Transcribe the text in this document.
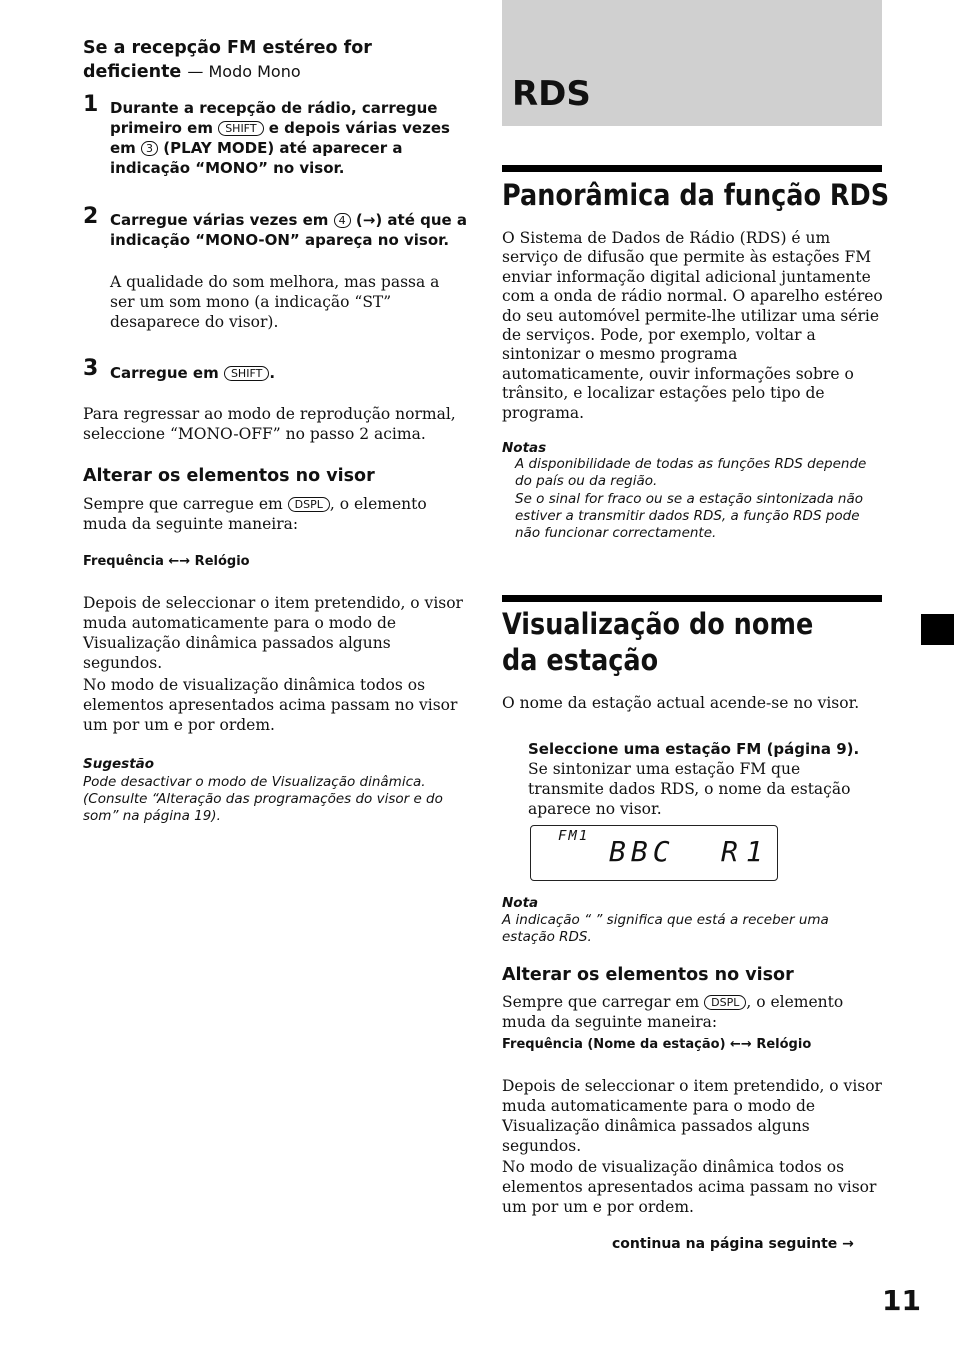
Se a recepção FM estéreo for deficiente — Modo Mono
1 Durante a recepção de rádio, carregue primeiro em SHIFT e depois várias vezes em 3 (PLAY MODE) até aparecer a indicação “MONO” no visor.
2 Carregue várias vezes em 4 (→) até que a indicação “MONO-ON” apareça no visor.
A qualidade do som melhora, mas passa a ser um som mono (a indicação “ST” desaparece do visor).
3 Carregue em SHIFT .
Para regressar ao modo de reprodução normal, seleccione “MONO-OFF” no passo 2 acima.
Alterar os elementos no visor
Sempre que carregue em DSPL , o elemento muda da seguinte maneira:
Frequência ←→ Relógio
Depois de seleccionar o item pretendido, o visor muda automaticamente para o modo de Visualização dinâmica passados alguns segundos.
No modo de visualização dinâmica todos os elementos apresentados acima passam no visor um por um e por ordem.
Sugestão
Pode desactivar o modo de Visualização dinâmica. (Consulte “Alteração das programações do visor e do som” na página 19).
RDS
Panorâmica da função RDS
O Sistema de Dados de Rádio (RDS) é um serviço de difusão que permite às estações FM enviar informação digital adicional juntamente com a onda de rádio normal. O aparelho estéreo do seu automóvel permite-lhe utilizar uma série de serviços. Pode, por exemplo, voltar a sintonizar o mesmo programa automaticamente, ouvir informações sobre o trânsito, e localizar estações pelo tipo de programa.
Notas
A disponibilidade de todas as funções RDS depende do país ou da região.
Se o sinal for fraco ou se a estação sintonizada não estiver a transmitir dados RDS, a função RDS pode não funcionar correctamente.
Visualização do nome da estação
O nome da estação actual acende-se no visor.
Seleccione uma estação FM (página 9).
Se sintonizar uma estação FM que transmite dados RDS, o nome da estação aparece no visor.
FM1 BBC R1
Nota
A indicação “ ” significa que está a receber uma estação RDS.
Alterar os elementos no visor
Sempre que carregar em DSPL , o elemento muda da seguinte maneira:
Frequência (Nome da estação) ←→ Relógio
Depois de seleccionar o item pretendido, o visor muda automaticamente para o modo de Visualização dinâmica passados alguns segundos.
No modo de visualização dinâmica todos os elementos apresentados acima passam no visor um por um e por ordem.
continua na página seguinte →
11
